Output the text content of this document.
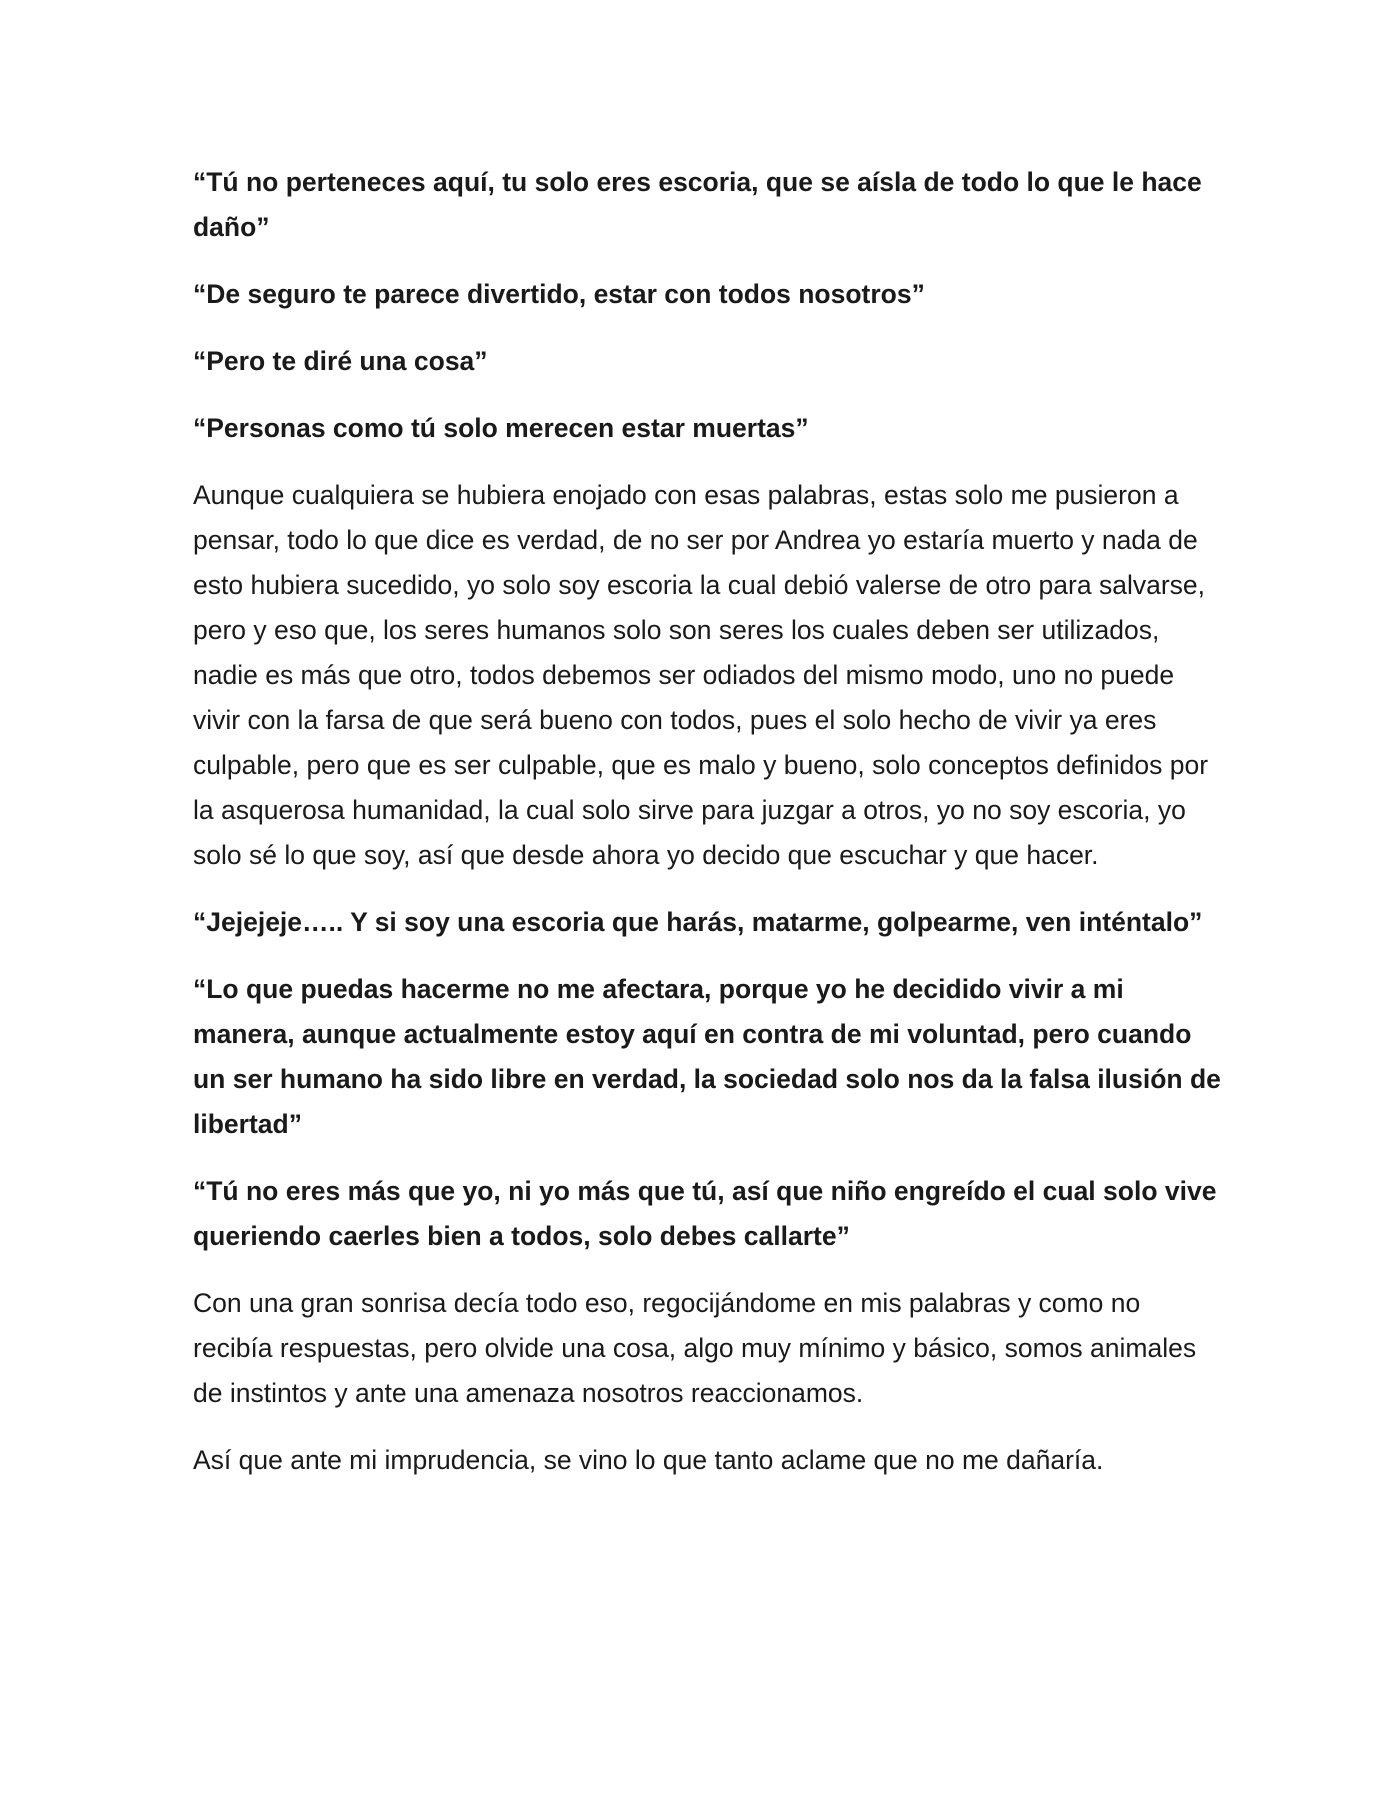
“Tú no perteneces aquí, tu solo eres escoria, que se aísla de todo lo que le hace daño”

“De seguro te parece divertido, estar con todos nosotros”

“Pero te diré una cosa”

“Personas como tú solo merecen estar muertas”

Aunque cualquiera se hubiera enojado con esas palabras, estas solo me pusieron a pensar, todo lo que dice es verdad, de no ser por Andrea yo estaría muerto y nada de esto hubiera sucedido, yo solo soy escoria la cual debió valerse de otro para salvarse, pero y eso que, los seres humanos solo son seres los cuales deben ser utilizados, nadie es más que otro, todos debemos ser odiados del mismo modo, uno no puede vivir con la farsa de que será bueno con todos, pues el solo hecho de vivir ya eres culpable, pero que es ser culpable, que es malo y bueno, solo conceptos definidos por la asquerosa humanidad, la cual solo sirve para juzgar a otros, yo no soy escoria, yo solo sé lo que soy, así que desde ahora yo decido que escuchar y que hacer.

“Jejejeje….. Y si soy una escoria que harás, matarme, golpearme, ven inténtalo”

“Lo que puedas hacerme no me afectara, porque yo he decidido vivir a mi manera, aunque actualmente estoy aquí en contra de mi voluntad, pero cuando un ser humano ha sido libre en verdad, la sociedad solo nos da la falsa ilusión de libertad”

“Tú no eres más que yo, ni yo más que tú, así que niño engreído el cual solo vive queriendo caerles bien a todos, solo debes callarte”

Con una gran sonrisa decía todo eso, regocijándome en mis palabras y como no recibía respuestas, pero olvide una cosa, algo muy mínimo y básico, somos animales de instintos y ante una amenaza nosotros reaccionamos.

Así que ante mi imprudencia, se vino lo que tanto aclame que no me dañaría.
